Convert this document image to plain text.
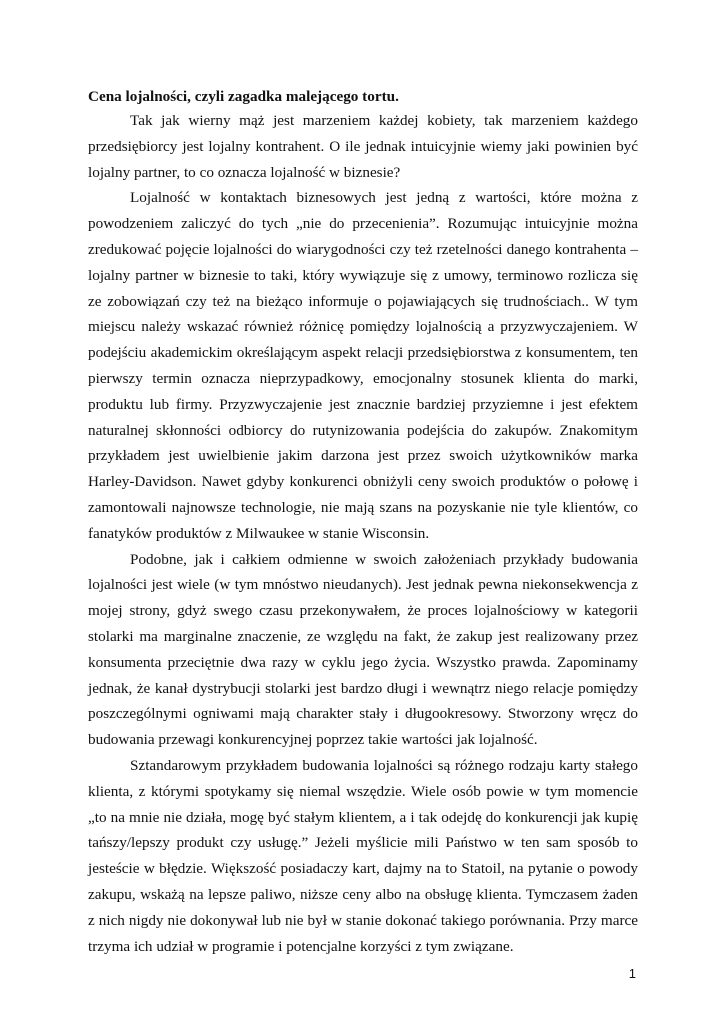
Cena lojalności, czyli zagadka malejącego tortu.

Tak jak wierny mąż jest marzeniem każdej kobiety, tak marzeniem każdego przedsiębiorcy jest lojalny kontrahent. O ile jednak intuicyjnie wiemy jaki powinien być lojalny partner, to co oznacza lojalność w biznesie?

Lojalność w kontaktach biznesowych jest jedną z wartości, które można z powodzeniem zaliczyć do tych „nie do przecenienia”. Rozumując intuicyjnie można zredukować pojęcie lojalności do wiarygodności czy też rzetelności danego kontrahenta – lojalny partner w biznesie to taki, który wywiązuje się z umowy, terminowo rozlicza się ze zobowiązań czy też na bieżąco informuje o pojawiających się trudnościach.. W tym miejscu należy wskazać również różnicę pomiędzy lojalnością a przyzwyczajeniem. W podejściu akademickim określającym aspekt relacji przedsiębiorstwa z konsumentem, ten pierwszy termin oznacza nieprzypadkowy, emocjonalny stosunek klienta do marki, produktu lub firmy. Przyzwyczajenie jest znacznie bardziej przyziemne i jest efektem naturalnej skłonności odbiorcy do rutynizowania podejścia do zakupów. Znakomitym przykładem jest uwielbienie jakim darzona jest przez swoich użytkowników marka Harley-Davidson. Nawet gdyby konkurenci obniżyli ceny swoich produktów o połowę i zamontowali najnowsze technologie, nie mają szans na pozyskanie nie tyle klientów, co fanatyków produktów z Milwaukee w stanie Wisconsin.

Podobne, jak i całkiem odmienne w swoich założeniach przykłady budowania lojalności jest wiele (w tym mnóstwo nieudanych). Jest jednak pewna niekonsekwencja z mojej strony, gdyż swego czasu przekonywałem, że proces lojalnościowy w kategorii stolarki ma marginalne znaczenie, ze względu na fakt, że zakup jest realizowany przez konsumenta przeciętnie dwa razy w cyklu jego życia. Wszystko prawda. Zapominamy jednak, że kanał dystrybucji stolarki jest bardzo długi i wewnątrz niego relacje pomiędzy poszczególnymi ogniwami mają charakter stały i długookresowy. Stworzony wręcz do budowania przewagi konkurencyjnej poprzez takie wartości jak lojalność.

Sztandarowym przykładem budowania lojalności są różnego rodzaju karty stałego klienta, z którymi spotykamy się niemal wszędzie. Wiele osób powie w tym momencie „to na mnie nie działa, mogę być stałym klientem, a i tak odejdę do konkurencji jak kupię tańszy/lepszy produkt czy usługę.” Jeżeli myślicie mili Państwo w ten sam sposób to jesteście w błędzie. Większość posiadaczy kart, dajmy na to Statoil, na pytanie o powody zakupu, wskażą na lepsze paliwo, niższe ceny albo na obsługę klienta. Tymczasem żaden z nich nigdy nie dokonywał lub nie był w stanie dokonać takiego porównania. Przy marce trzyma ich udział w programie i potencjalne korzyści z tym związane.

1
